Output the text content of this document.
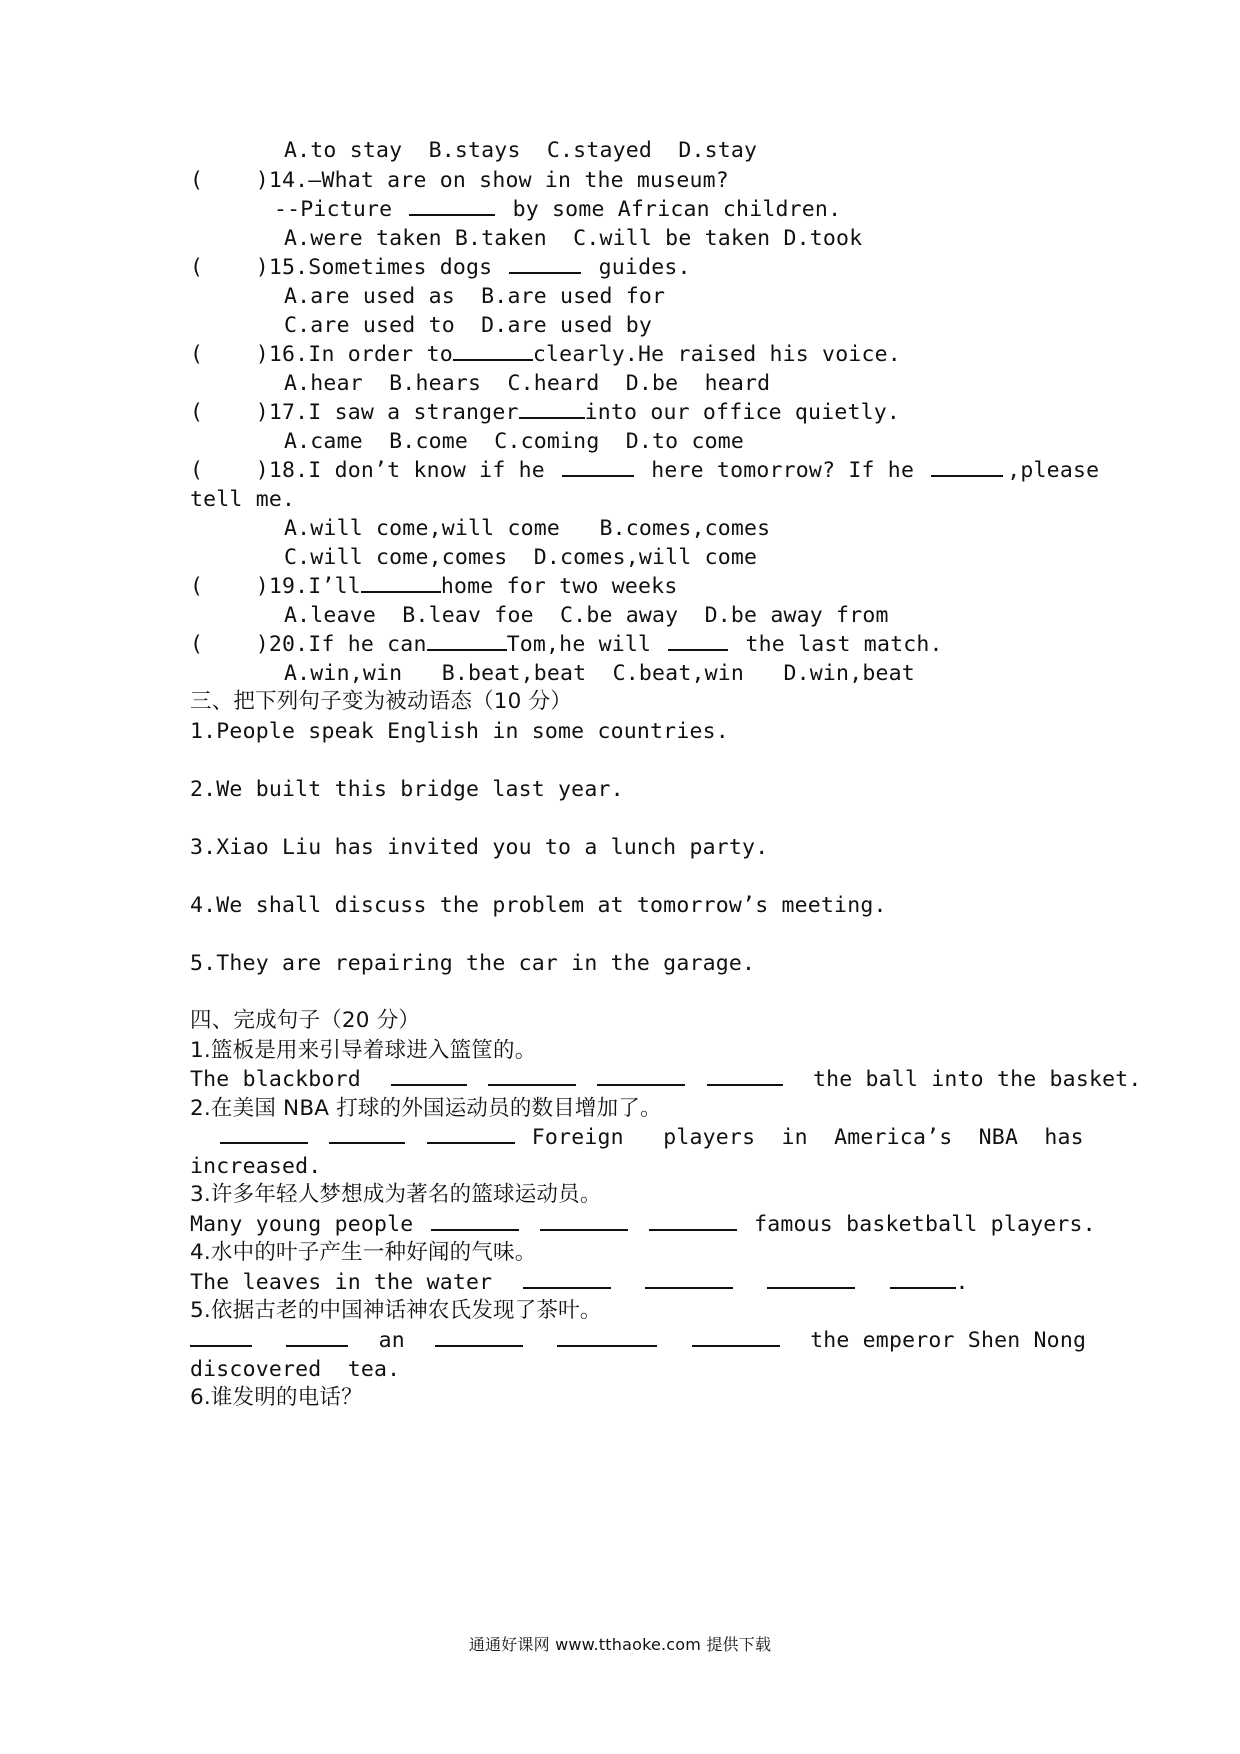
A.to stay  B.stays  C.stayed  D.stay
(    )14.—What are on show in the museum?
--Picture	by some African children.
A.were taken B.taken  C.will be taken D.took
(    )15.Sometimes dogs	guides.
A.are used as  B.are used for
C.are used to  D.are used by
(    )16.In order to	clearly.He raised his voice.
A.hear  B.hears  C.heard  D.be  heard
(    )17.I saw a stranger	into our office quietly.
A.came  B.come  C.coming  D.to come
(    )18.I don’t know if he	here tomorrow? If he	,please
tell me.
A.will come,will come   B.comes,comes
C.will come,comes  D.comes,will come
(    )19.I’ll	home for two weeks
A.leave  B.leav foe  C.be away  D.be away from
(    )20.If he can	Tom,he will	the last match.
A.win,win   B.beat,beat  C.beat,win   D.win,beat
三、把下列句子变为被动语态（10 分）
1.People speak English in some countries.
2.We built this bridge last year.
3.Xiao Liu has invited you to a lunch party.
4.We shall discuss the problem at tomorrow’s meeting.
5.They are repairing the car in the garage.
四、完成句子（20 分）
1.篮板是用来引导着球进入篮筐的。
The blackbord	the ball into the basket.
2.在美国 NBA 打球的外国运动员的数目增加了。
Foreign   players  in  America’s  NBA  has
increased.
3.许多年轻人梦想成为著名的篮球运动员。
Many young people	famous basketball players.
4.水中的叶子产生一种好闻的气味。
The leaves in the water	.
5.依据古老的中国神话神农氏发现了茶叶。
an	the emperor Shen Nong
discovered  tea.
6.谁发明的电话？
通通好课网 www.tthaoke.com 提供下载
